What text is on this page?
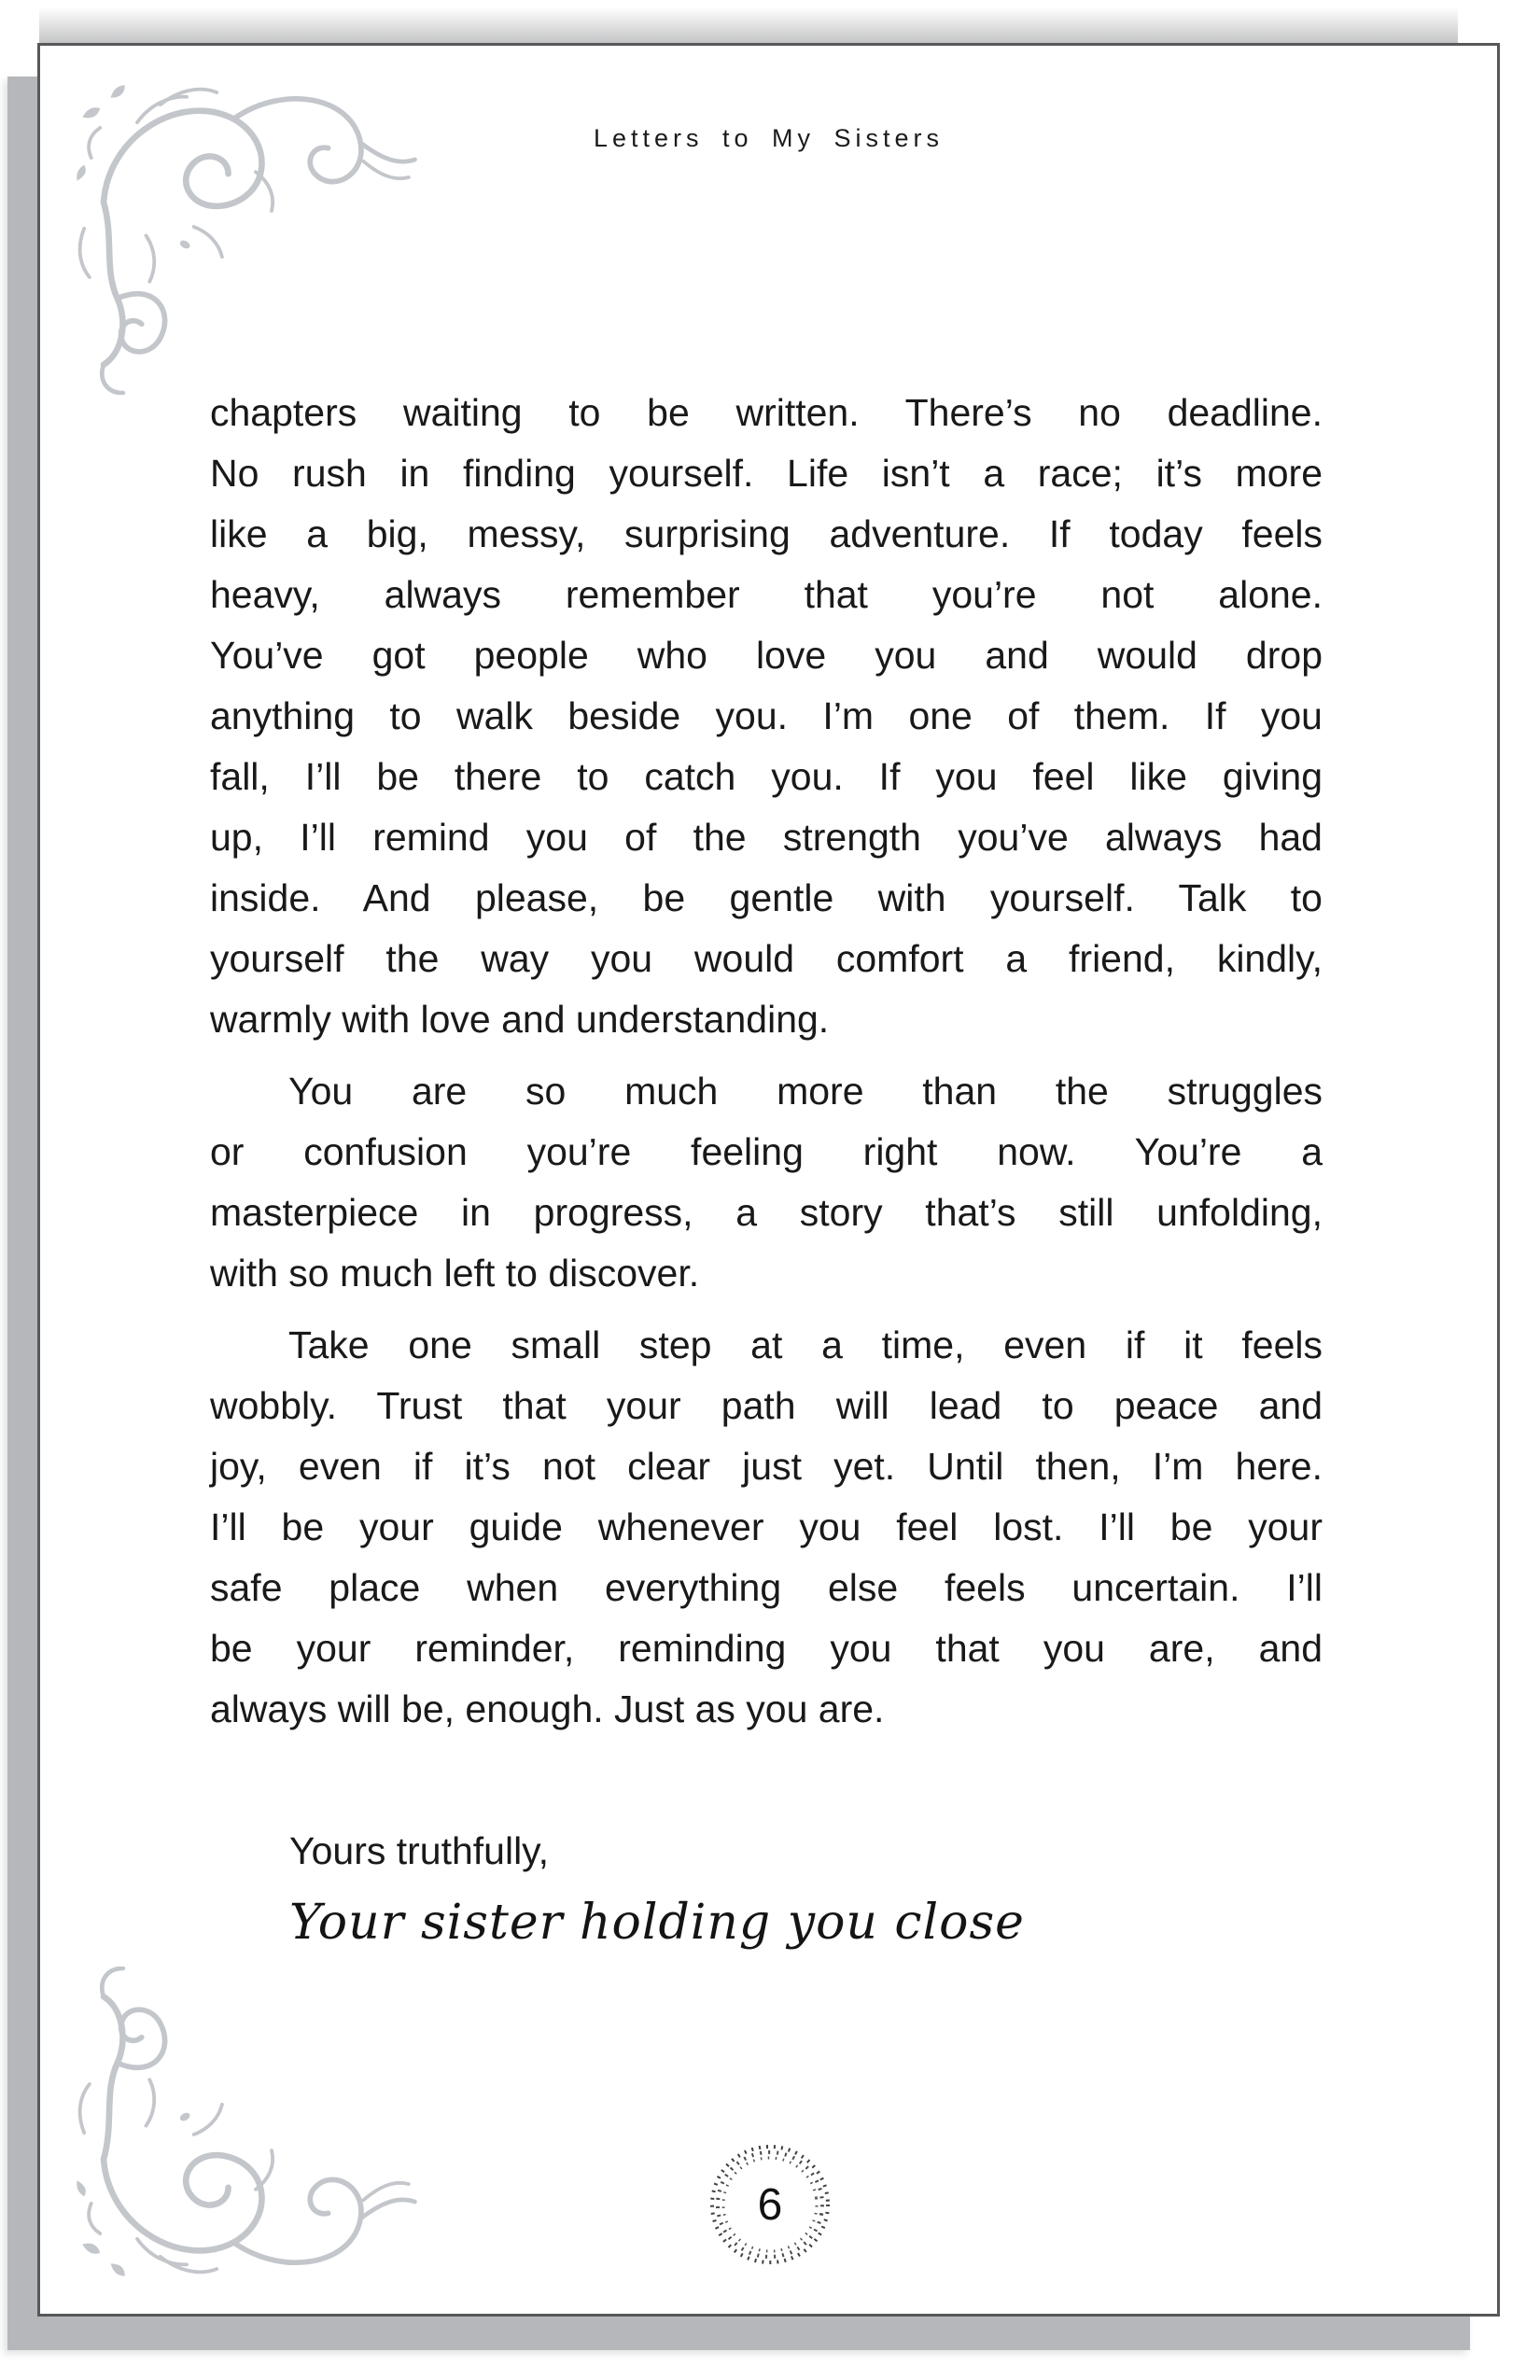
Letters to My Sisters
chapters waiting to be written. There’s no deadline.
No rush in finding yourself. Life isn’t a race; it’s more
like a big, messy, surprising adventure. If today feels
heavy, always remember that you’re not alone.
You’ve got people who love you and would drop
anything to walk beside you. I’m one of them. If you
fall, I’ll be there to catch you. If you feel like giving
up, I’ll remind you of the strength you’ve always had
inside. And please, be gentle with yourself. Talk to
yourself the way you would comfort a friend, kindly,
warmly with love and understanding.
You are so much more than the struggles
or confusion you’re feeling right now. You’re a
masterpiece in progress, a story that’s still unfolding,
with so much left to discover.
Take one small step at a time, even if it feels
wobbly. Trust that your path will lead to peace and
joy, even if it’s not clear just yet. Until then, I’m here.
I’ll be your guide whenever you feel lost. I’ll be your
safe place when everything else feels uncertain. I’ll
be your reminder, reminding you that you are, and
always will be, enough. Just as you are.
Yours truthfully,
Your sister holding you close
6
